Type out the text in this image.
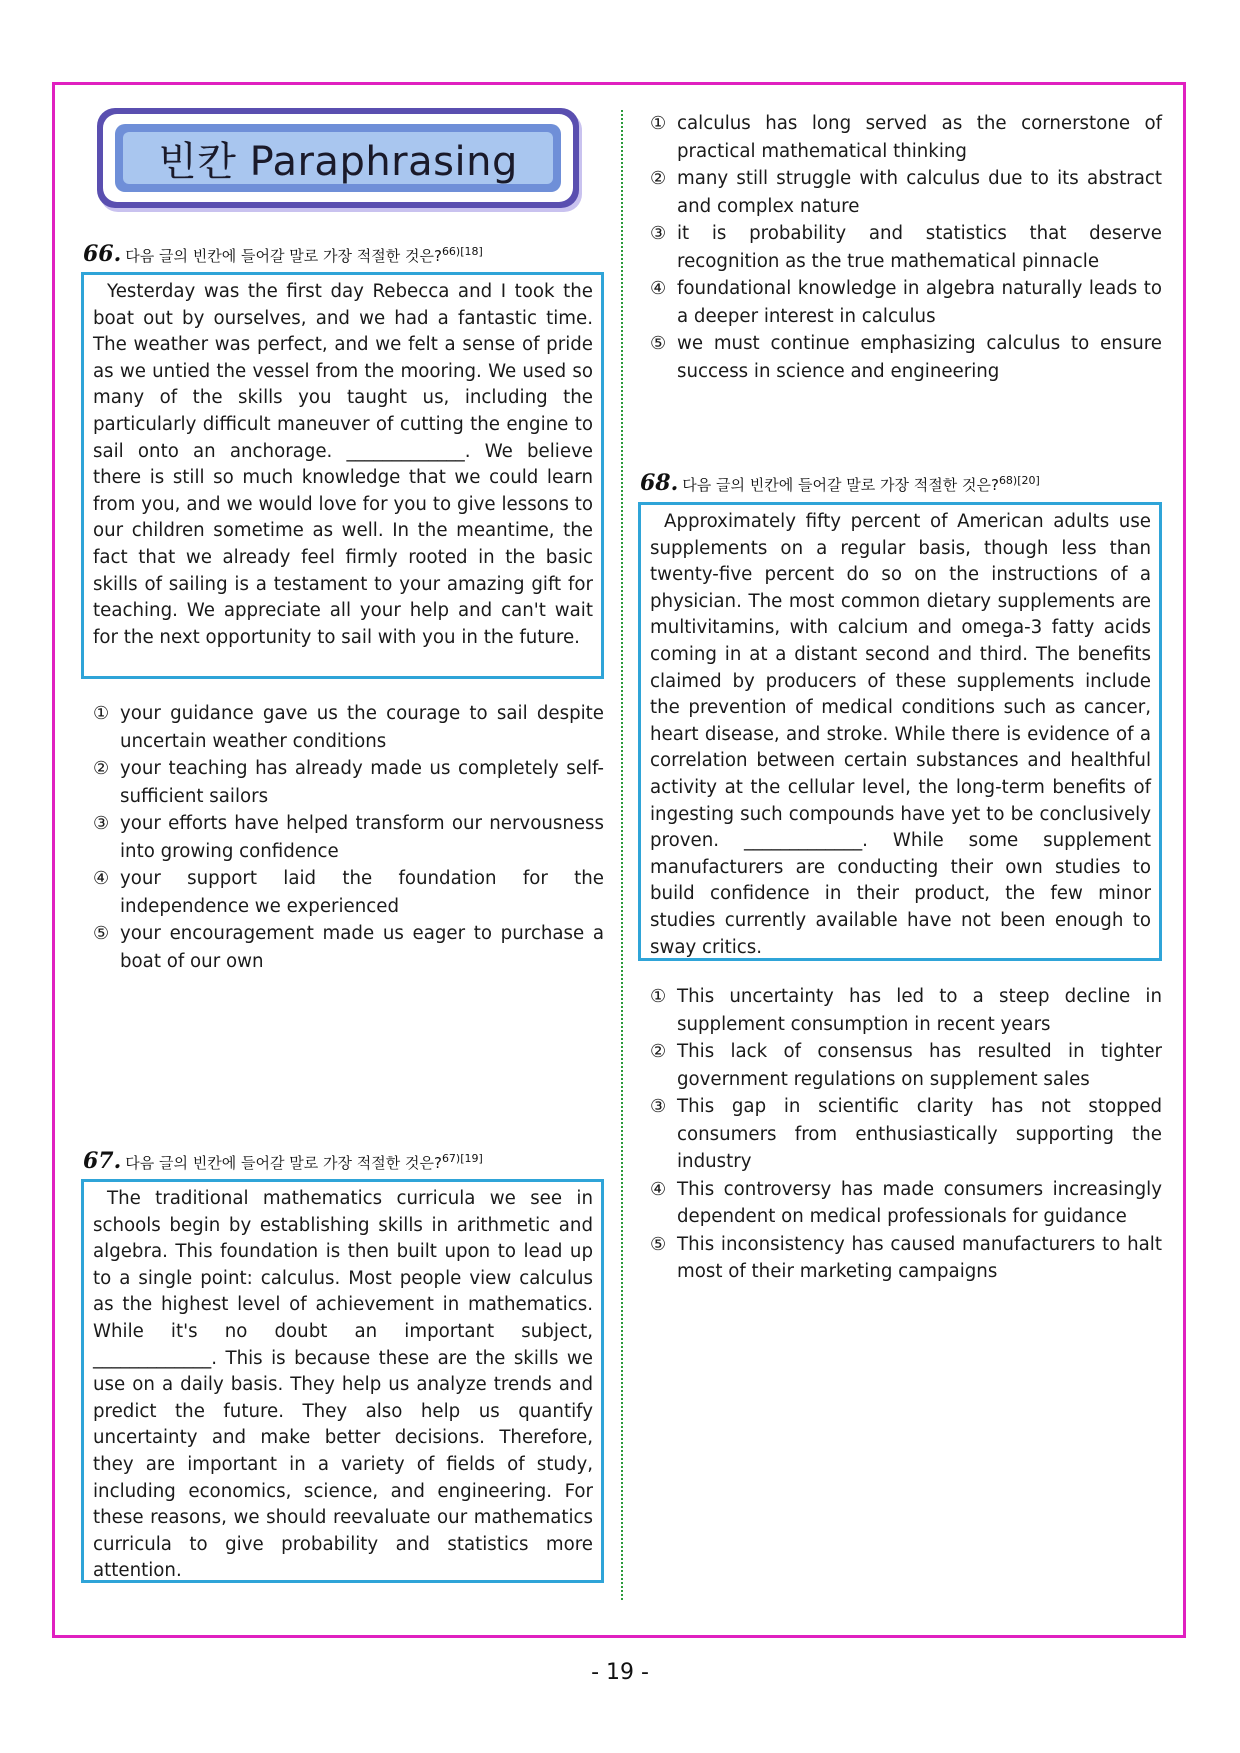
빈칸 Paraphrasing
66. 다음 글의 빈칸에 들어갈 말로 가장 적절한 것은?$^{66)[18]}$

Yesterday was the first day Rebecca and I took the boat out by ourselves, and we had a fantastic time. The weather was perfect, and we felt a sense of pride as we untied the vessel from the mooring. We used so many of the skills you taught us, including the particularly difficult maneuver of cutting the engine to sail onto an anchorage. _____________. We believe there is still so much knowledge that we could learn from you, and we would love for you to give lessons to our children sometime as well. In the meantime, the fact that we already feel firmly rooted in the basic skills of sailing is a testament to your amazing gift for teaching. We appreciate all your help and can't wait for the next opportunity to sail with you in the future.

① your guidance gave us the courage to sail despite uncertain weather conditions
② your teaching has already made us completely self-sufficient sailors
③ your efforts have helped transform our nervousness into growing confidence
④ your support laid the foundation for the independence we experienced
⑤ your encouragement made us eager to purchase a boat of our own
67. 다음 글의 빈칸에 들어갈 말로 가장 적절한 것은?$^{67)[19]}$

The traditional mathematics curricula we see in schools begin by establishing skills in arithmetic and algebra. This foundation is then built upon to lead up to a single point: calculus. Most people view calculus as the highest level of achievement in mathematics. While it's no doubt an important subject, _____________. This is because these are the skills we use on a daily basis. They help us analyze trends and predict the future. They also help us quantify uncertainty and make better decisions. Therefore, they are important in a variety of fields of study, including economics, science, and engineering. For these reasons, we should reevaluate our mathematics curricula to give probability and statistics more attention.

① calculus has long served as the cornerstone of practical mathematical thinking
② many still struggle with calculus due to its abstract and complex nature
③ it is probability and statistics that deserve recognition as the true mathematical pinnacle
④ foundational knowledge in algebra naturally leads to a deeper interest in calculus
⑤ we must continue emphasizing calculus to ensure success in science and engineering
68. 다음 글의 빈칸에 들어갈 말로 가장 적절한 것은?$^{68)[20]}$

Approximately fifty percent of American adults use supplements on a regular basis, though less than twenty-five percent do so on the instructions of a physician. The most common dietary supplements are multivitamins, with calcium and omega-3 fatty acids coming in at a distant second and third. The benefits claimed by producers of these supplements include the prevention of medical conditions such as cancer, heart disease, and stroke. While there is evidence of a correlation between certain substances and healthful activity at the cellular level, the long-term benefits of ingesting such compounds have yet to be conclusively proven. _____________. While some supplement manufacturers are conducting their own studies to build confidence in their product, the few minor studies currently available have not been enough to sway critics.

① This uncertainty has led to a steep decline in supplement consumption in recent years
② This lack of consensus has resulted in tighter government regulations on supplement sales
③ This gap in scientific clarity has not stopped consumers from enthusiastically supporting the industry
④ This controversy has made consumers increasingly dependent on medical professionals for guidance
⑤ This inconsistency has caused manufacturers to halt most of their marketing campaigns
- 19 -
